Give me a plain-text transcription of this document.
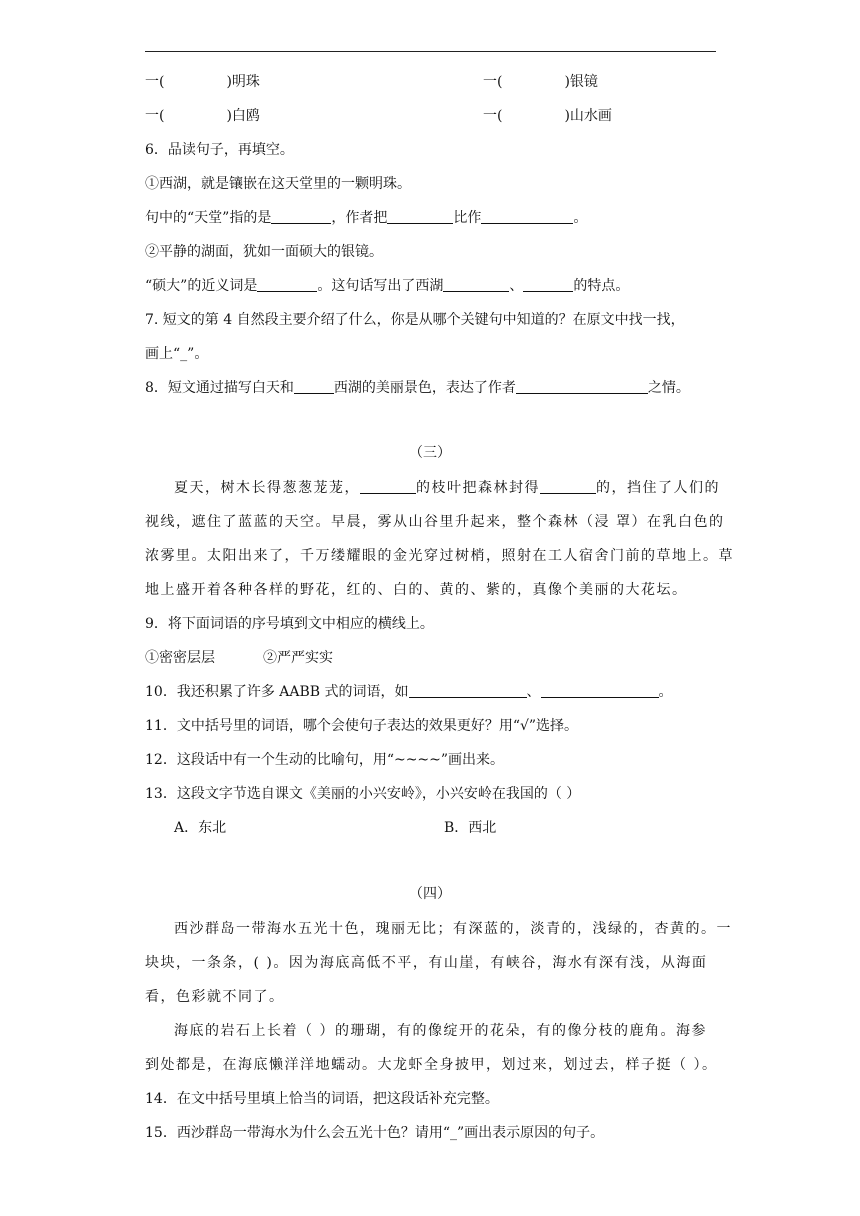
一(	)明珠	一(	)银镜
一(	)白鸥	一(	)山水画
6．品读句子，再填空。
①西湖，就是镶嵌在这天堂里的一颗明珠。
句中的“天堂”指的是	，作者把	比作	。
②平静的湖面，犹如一面硕大的银镜。
“硕大”的近义词是	。这句话写出了西湖	、	的特点。
7. 短文的第 4 自然段主要介绍了什么，你是从哪个关键句中知道的？在原文中找一找，
画上“_”。
8．短文通过描写白天和	西湖的美丽景色，表达了作者	之情。
（三）
夏天，树木长得葱葱茏茏，	的枝叶把森林封得	的，挡住了人们的
视线，遮住了蓝蓝的天空。早晨，雾从山谷里升起来，整个森林（浸 罩）在乳白色的
浓雾里。太阳出来了，千万缕耀眼的金光穿过树梢，照射在工人宿舍门前的草地上。草
地上盛开着各种各样的野花，红的、白的、黄的、紫的，真像个美丽的大花坛。
9．将下面词语的序号填到文中相应的横线上。
①密密层层	②严严实实
10．我还积累了许多 AABB 式的词语，如	、	。
11．文中括号里的词语，哪个会使句子表达的效果更好？用“√”选择。
12．这段话中有一个生动的比喻句，用“~~~~”画出来。
13．这段文字节选自课文《美丽的小兴安岭》，小兴安岭在我国的（ ）
A．东北	B．西北
（四）
西沙群岛一带海水五光十色，瑰丽无比；有深蓝的，淡青的，浅绿的，杏黄的。一
块块，一条条，( )。因为海底高低不平，有山崖，有峡谷，海水有深有浅，从海面
看，色彩就不同了。
海底的岩石上长着（ ）的珊瑚，有的像绽开的花朵，有的像分枝的鹿角。海参
到处都是，在海底懒洋洋地蠕动。大龙虾全身披甲，划过来，划过去，样子挺（ ）。
14．在文中括号里填上恰当的词语，把这段话补充完整。
15．西沙群岛一带海水为什么会五光十色？请用“_”画出表示原因的句子。
